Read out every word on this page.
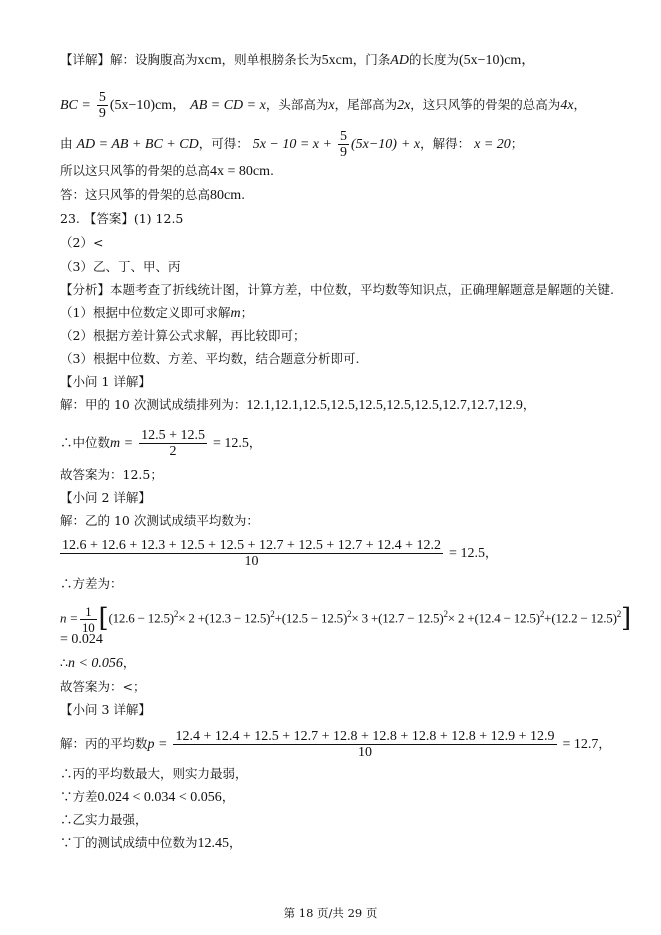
【详解】解：设胸腹高为xcm，则单根膀条长为5xcm，门条AD的长度为(5x−10)cm，
BC = $\frac{5}{9} (5x-10)cm$， AB = CD = x，头部高为x，尾部高为2x，这只风筝的骨架的总高为4x，
由 AD = AB + BC + CD，可得： $5x - 10 = x + \frac{5}{9} (5x-10) + x$，解得： x = 20；
所以这只风筝的骨架的总高4x = 80cm.
答：这只风筝的骨架的总高80cm.
23. 【答案】(1) 12.5
（2）<
（3）乙、丁、甲、丙
【分析】本题考查了折线统计图，计算方差，中位数，平均数等知识点，正确理解题意是解题的关键.
（1）根据中位数定义即可求解m；
（2）根据方差计算公式求解，再比较即可；
（3）根据中位数、方差、平均数，结合题意分析即可.
【小问 1 详解】
解：甲的 10 次测试成绩排列为：12.1,12.1,12.5,12.5,12.5,12.5,12.5,12.7,12.7,12.9，
∴中位数$m = \frac{12.5 + 12.5}{2} = 12.5$，
故答案为：12.5；
【小问 2 详解】
解：乙的 10 次测试成绩平均数为：
12.6 + 12.6 + 12.3 + 12.5 + 12.5 + 12.7 + 12.5 + 12.7 + 12.4 + 12.2
10
= 12.5，
∴方差为：
$n = \frac{1}{10} [(12.6 - 12.5)^2\times 2 +(12.3 - 12.5)^2+(12.5 - 12.5)^2\times 3 +(12.7 - 12.5)^2\times 2 +(12.4 - 12.5)^2+(12.2 - 12.5)^2]$
= 0.024
∴n < 0.056，
故答案为：<；
【小问 3 详解】
解：丙的平均数p =
12.4 + 12.4 + 12.5 + 12.7 + 12.8 + 12.8 + 12.8 + 12.8 + 12.9 + 12.9
10
= 12.7，
∴丙的平均数最大，则实力最弱，
∵方差0.024 < 0.034 < 0.056，
∴乙实力最强，
∵丁的测试成绩中位数为12.45，
第 18 页/共 29 页
